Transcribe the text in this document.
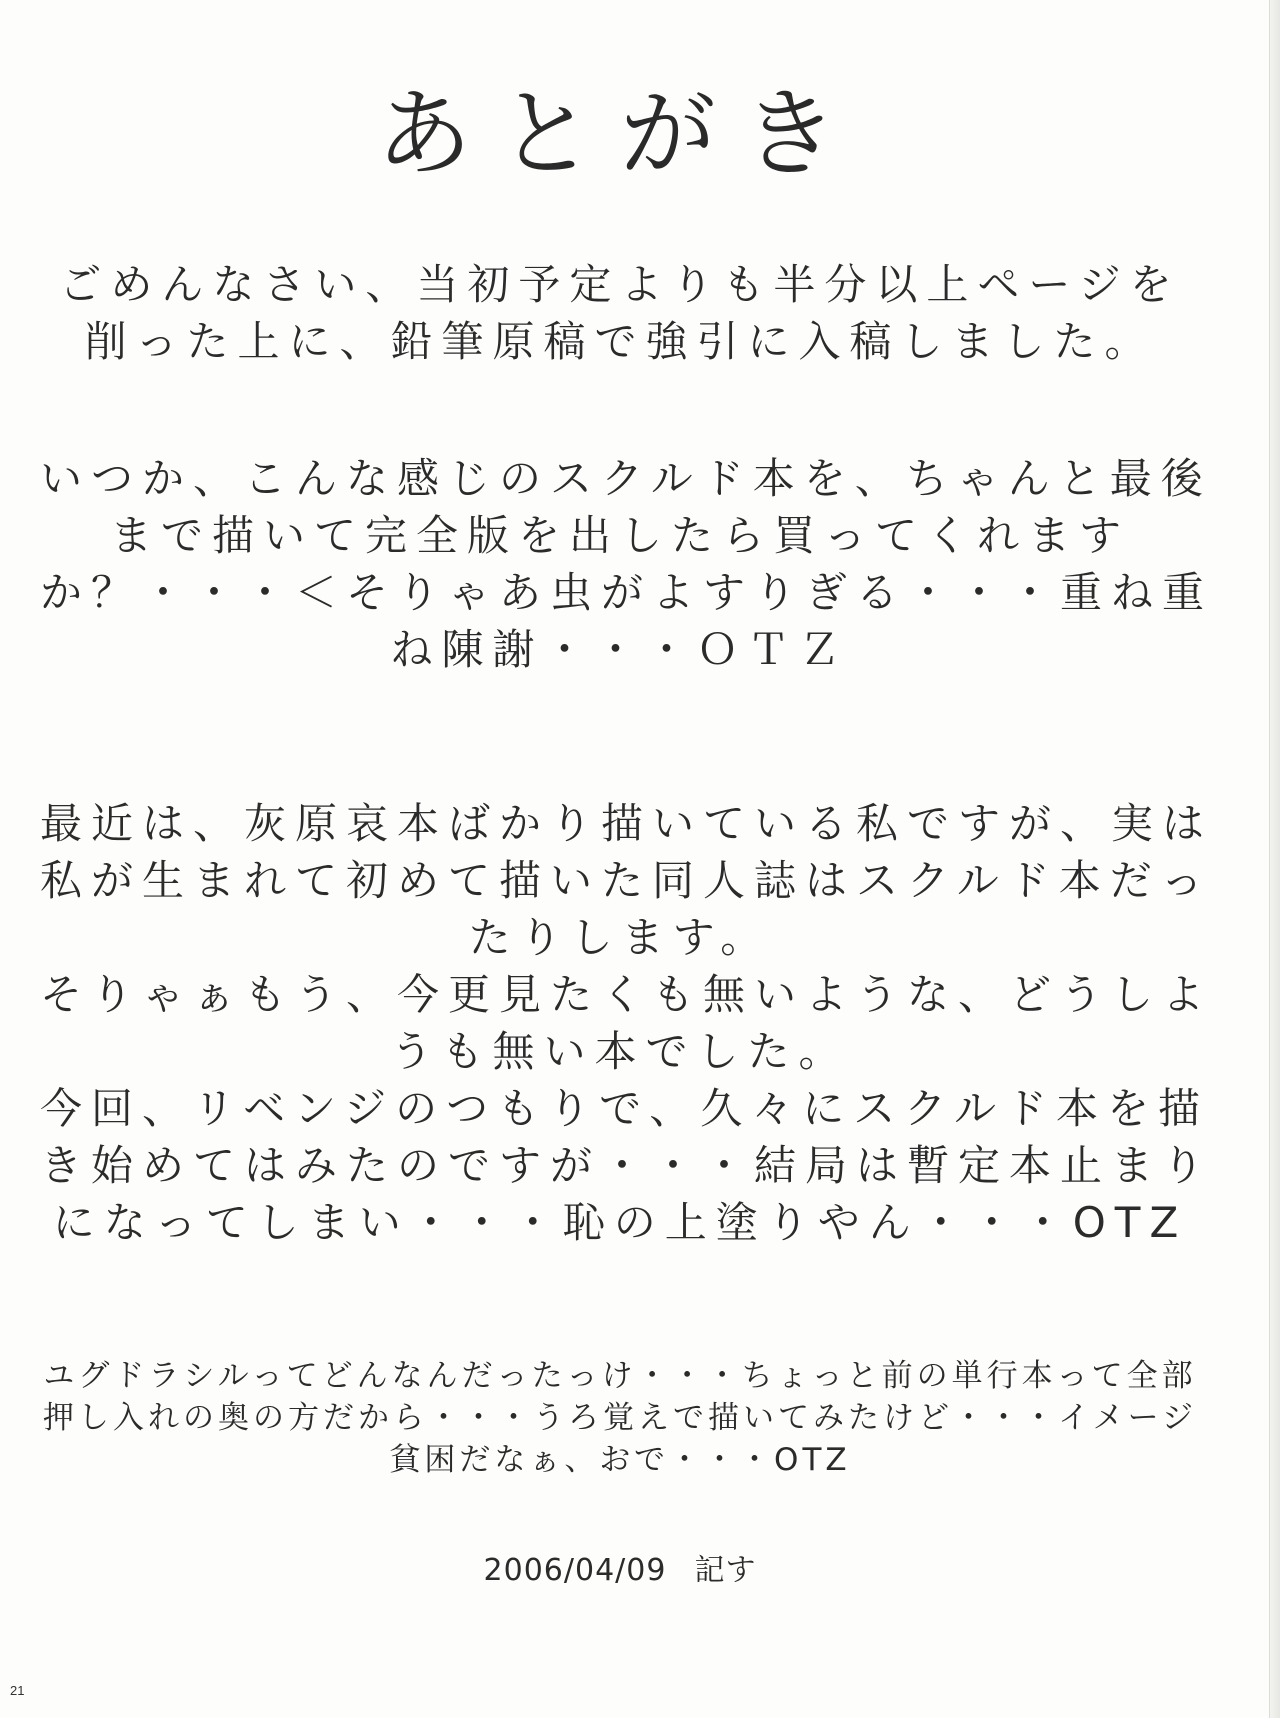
あとがき
ごめんなさい、当初予定よりも半分以上ページを
削った上に、鉛筆原稿で強引に入稿しました。
いつか、こんな感じのスクルド本を、ちゃんと最後
まで描いて完全版を出したら買ってくれます
か？・・・＜そりゃあ虫がよすりぎる・・・重ね重
ね陳謝・・・ＯＴＺ
最近は、灰原哀本ばかり描いている私ですが、実は
私が生まれて初めて描いた同人誌はスクルド本だっ
たりします。
そりゃぁもう、今更見たくも無いような、どうしよ
うも無い本でした。
今回、リベンジのつもりで、久々にスクルド本を描
き始めてはみたのですが・・・結局は暫定本止まり
になってしまい・・・恥の上塗りやん・・・OTZ
ユグドラシルってどんなんだったっけ・・・ちょっと前の単行本って全部
押し入れの奥の方だから・・・うろ覚えで描いてみたけど・・・イメージ
貧困だなぁ、おで・・・OTZ
2006/04/09 記す
21
